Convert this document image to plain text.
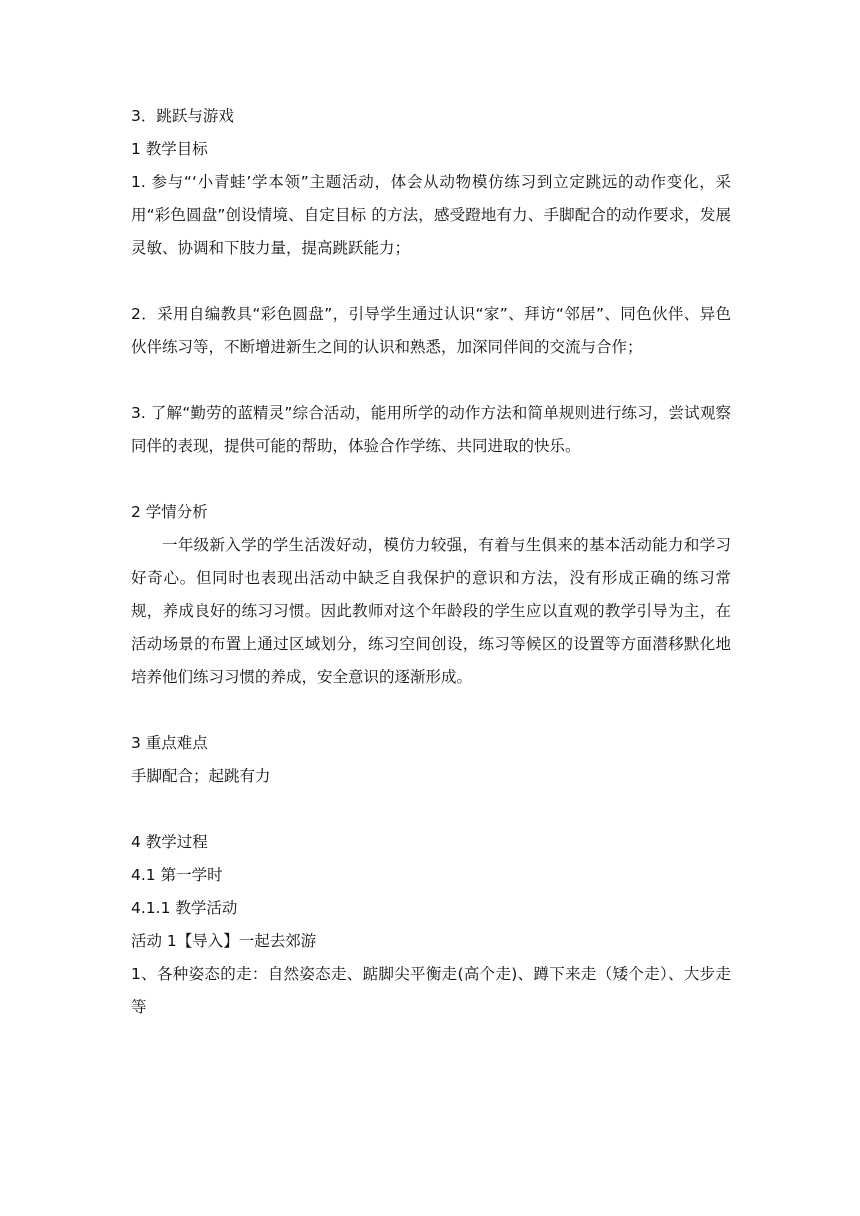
3．跳跃与游戏

1 教学目标

1. 参与“‘小青蛙’学本领”主题活动，体会从动物模仿练习到立定跳远的动作变化，采用“彩色圆盘”创设情境、自定目标 的方法，感受蹬地有力、手脚配合的动作要求，发展灵敏、协调和下肢力量，提高跳跃能力；

2．采用自编教具“彩色圆盘”，引导学生通过认识“家”、拜访“邻居”、同色伙伴、异色伙伴练习等，不断增进新生之间的认识和熟悉，加深同伴间的交流与合作；

3. 了解“勤劳的蓝精灵”综合活动，能用所学的动作方法和简单规则进行练习，尝试观察同伴的表现，提供可能的帮助，体验合作学练、共同进取的快乐。

2 学情分析

一年级新入学的学生活泼好动，模仿力较强，有着与生俱来的基本活动能力和学习好奇心。但同时也表现出活动中缺乏自我保护的意识和方法，没有形成正确的练习常规，养成良好的练习习惯。因此教师对这个年龄段的学生应以直观的教学引导为主，在活动场景的布置上通过区域划分，练习空间创设，练习等候区的设置等方面潜移默化地培养他们练习习惯的养成，安全意识的逐渐形成。

3 重点难点

手脚配合；起跳有力

4 教学过程

4.1 第一学时

4.1.1 教学活动

活动 1【导入】一起去郊游

1、各种姿态的走：自然姿态走、踮脚尖平衡走(高个走)、蹲下来走（矮个走）、大步走等
